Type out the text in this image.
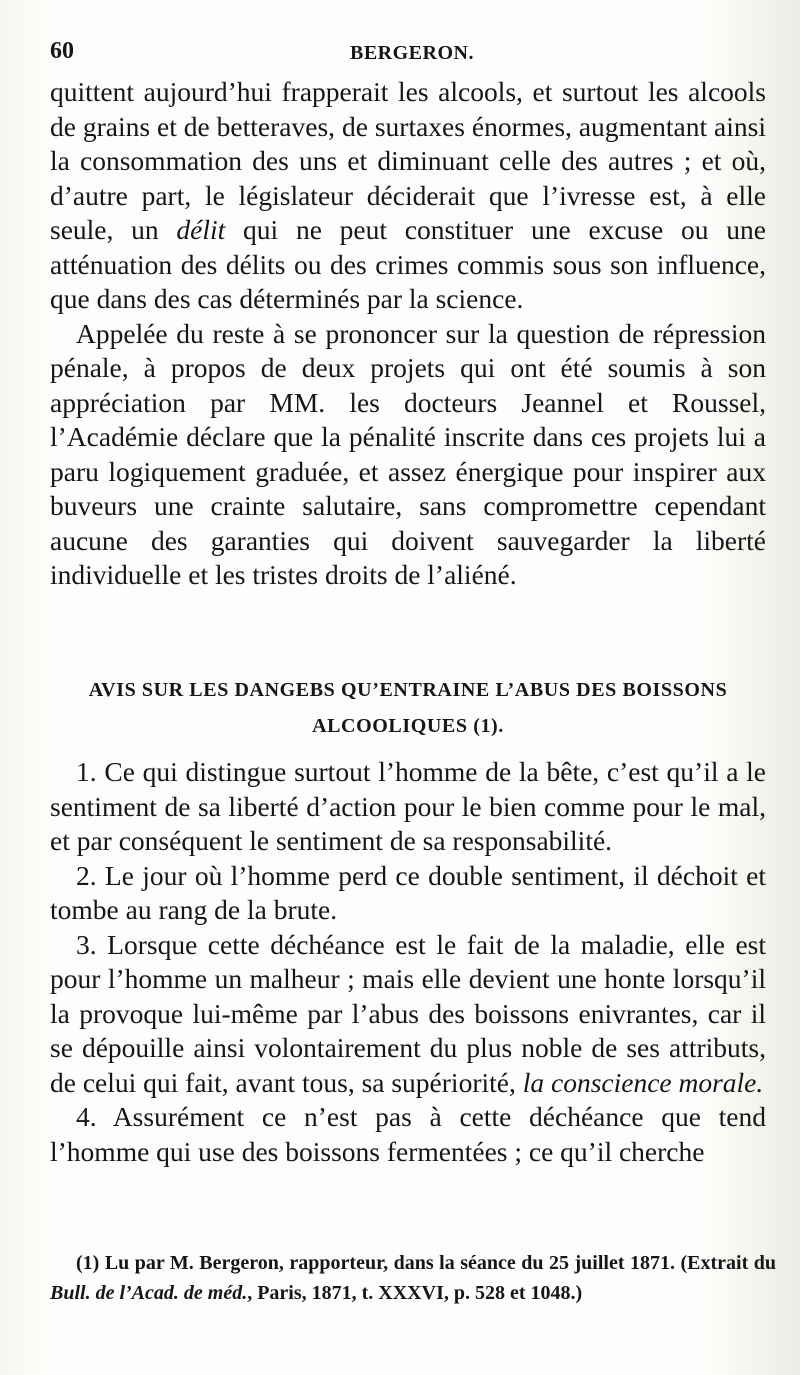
60	BERGERON.

quittent aujourd’hui frapperait les alcools, et surtout les alcools de grains et de betteraves, de surtaxes énormes, augmentant ainsi la consommation des uns et diminuant celle des autres ; et où, d’autre part, le législateur déciderait que l’ivresse est, à elle seule, un délit qui ne peut constituer une excuse ou une atténuation des délits ou des crimes commis sous son influence, que dans des cas déterminés par la science.

Appelée du reste à se prononcer sur la question de répression pénale, à propos de deux projets qui ont été soumis à son appréciation par MM. les docteurs Jeannel et Roussel, l’Académie déclare que la pénalité inscrite dans ces projets lui a paru logiquement graduée, et assez énergique pour inspirer aux buveurs une crainte salutaire, sans compromettre cependant aucune des garanties qui doivent sauvegarder la liberté individuelle et les tristes droits de l’aliéné.

AVIS SUR LES DANGEBS QU’ENTRAINE L’ABUS DES BOISSONS
ALCOOLIQUES (1).

1. Ce qui distingue surtout l’homme de la bête, c’est qu’il a le sentiment de sa liberté d’action pour le bien comme pour le mal, et par conséquent le sentiment de sa responsabilité.

2. Le jour où l’homme perd ce double sentiment, il déchoit et tombe au rang de la brute.

3. Lorsque cette déchéance est le fait de la maladie, elle est pour l’homme un malheur ; mais elle devient une honte lorsqu’il la provoque lui-même par l’abus des boissons enivrantes, car il se dépouille ainsi volontairement du plus noble de ses attributs, de celui qui fait, avant tous, sa supériorité, la conscience morale.

4. Assurément ce n’est pas à cette déchéance que tend l’homme qui use des boissons fermentées ; ce qu’il cherche

(1) Lu par M. Bergeron, rapporteur, dans la séance du 25 juillet 1871. (Extrait du Bull. de l’Acad. de méd., Paris, 1871, t. XXXVI, p. 528 et 1048.)
